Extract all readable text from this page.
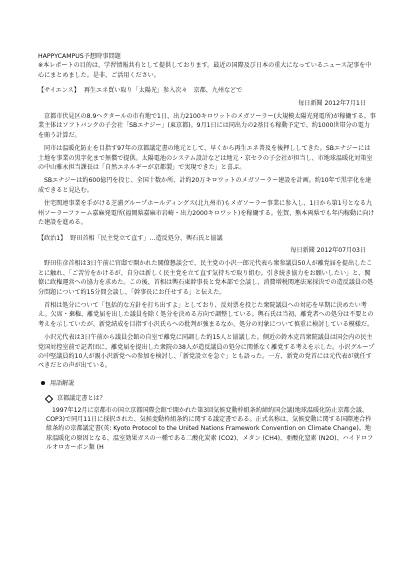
HAPPYCAMPUS予想時事問題

※本レポートの目的は、学習情報共有として提供しております。最近の国際及び日本の重大になっているニュース記事を中心にまとめました。是非、ご活用ください。

【サイエンス】 再生エネ買い取り「太陽光」参入次々　京都、九州などで
毎日新聞 2012年7月1日

京都市伏見区の8.9ヘクタールの市有地で1日、出力2100キロワットのメガソーラー(大規模太陽光発電所)が稼働する。事業主体はソフトバンクの子会社「SBエナジー」(東京都)。9月1日には同出力の2基目も稼動予定で、約1000世帯分の電力を賄う計算だ。

同市は温暖化防止を目指す97年の京都議定書の地元として、早くから再生エネ普及を後押ししてきた。SBエナジーには土地を事業の黒字化まで無償で提供。太陽電池のシステム設計などは地元・京セラの子会社が担当し、市地球温暖化対策室の中山雅永担当課長は「自然エネルギーが京都製」で実現できた」と喜ぶ。

SBエナジーは約600億円を投じ、全国十数か所、計約20万キロワットのメガソーラー建設を計画。約10年で黒字化を達成できると見込む。

住宅関連事業を手がける芝浦グループホールディングス(北九州市)もメガソーラー事業に参入し、1日から第1号となる九州ソーラーファーム嘉麻発電所(福岡県嘉麻市岩崎・出力2000キロワット)を稼働する。佐賀、熊本両県でも年内稼動に向けた建設を進める。

【政治1】 野田首相「民主党立て直す」…造反処分、輿石氏と協議
毎日新聞 2012年07月03日

野田佳彦首相は3日午前に官邸で開かれた閣僚懇談会で、民主党の小沢一郎元代表ら衆参議員50人が離党届を提出したことに触れ、「ご苦労をかけるが、自分は新しく民主党を立て直す気持ちで取り組む。引き続き協力をお願いしたい」と、閣僚に政権運営への協力を求めた。この後、首相は輿石東幹事長と党本部で会談し、消費増税関連法案採決での造反議員の処分問題について約15分間会談し、「幹事長にお任せする」と伝えた。

首相は処分について「包括的な方針を打ち出すよ」としており、反対票を投じた衆院議員への対応を早期に決めたい考え。欠席・棄権、離党届を出した議員を除く処分を決める方向で調整している。輿石氏は当初、離党者への処分は不要との考えを示していたが、新党結成を目指す小沢氏らへの批判が強まるなか、処分の対象について慎重に検討している模様だ。

小沢元代表は3日午前から議員会館の自室で離党に同調した約15人と協議した。側近の鈴木克昌衆院議員は国会内の民主党国対控室前で記者団に、離党届を提出した衆院の38人が造反議員の処分に関係なく離党する考えを示した。小沢グループの中堅議員約10人が親小沢新党への参加を検討し、「新党設立を急ぐ」とも語った。一方、新党の党首には元代表が就任すべきだとの声が出ている。

用語解説
京都議定書とは？

1997年12月に京都市の国立京都国際会館で開かれた第3回気候変動枠組条約締約国会議(地球温暖化防止京都会議、COP3)で同月11日に採択された、気候変動枠組条約に関する議定書である。正式名称は、気候変動に関する国際連合枠組条約の京都議定書(英: Kyoto Protocol to the United Nations Framework Convention on Climate Change)。地球温暖化の原因となる、温室効果ガスの一種である二酸化炭素 (CO2)、メタン (CH4)、亜酸化窒素 (N2O)、ハイドロフルオロカーボン類 (H
